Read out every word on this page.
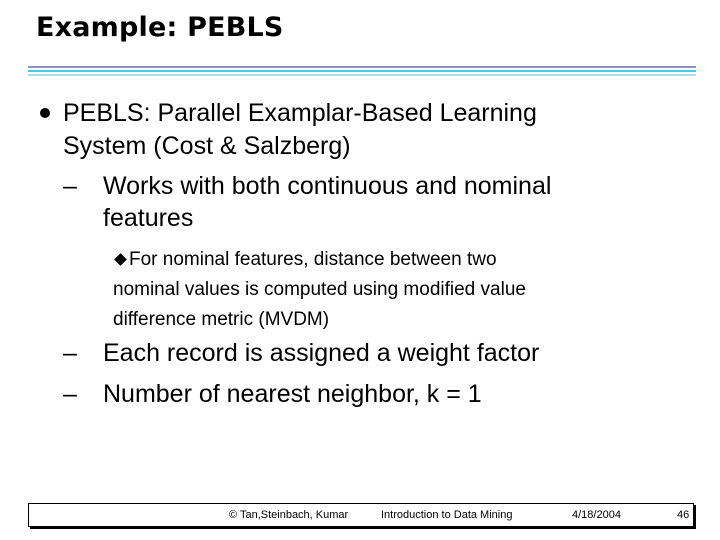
Example: PEBLS
PEBLS: Parallel Examplar-Based Learning
System (Cost & Salzberg)
–	Works with both continuous and nominal
features
For nominal features, distance between two
nominal values is computed using modified value
difference metric (MVDM)
–	Each record is assigned a weight factor
–	Number of nearest neighbor, k = 1
© Tan,Steinbach, Kumar	Introduction to Data Mining	4/18/2004	46
